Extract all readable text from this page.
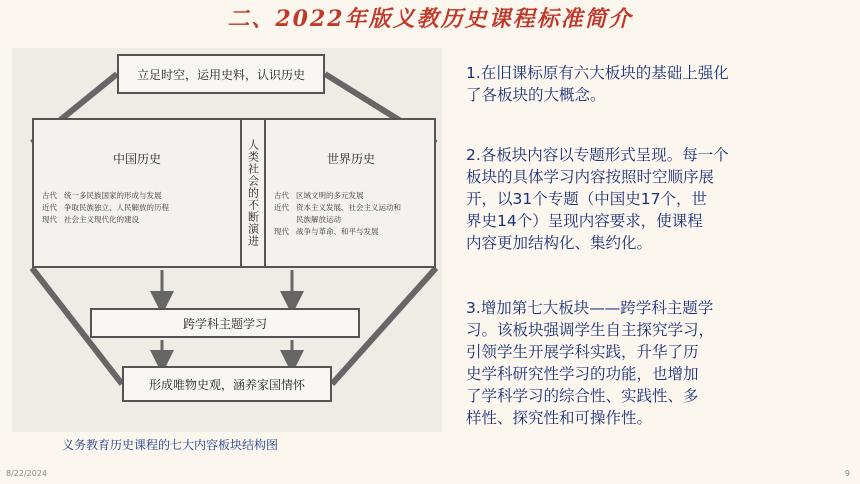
二、2022年版义教历史课程标准简介
立足时空，运用史料，认识历史
中国历史
古代 统一多民族国家的形成与发展
近代 争取民族独立、人民解放的历程
现代 社会主义现代化的建设	人类社会的不断演进	世界历史
古代 区域文明的多元发展
近代 资本主义发展、社会主义运动和
民族解放运动
现代 战争与革命、和平与发展
跨学科主题学习
形成唯物史观，涵养家国情怀
义务教育历史课程的七大内容板块结构图
1.在旧课标原有六大板块的基础上强化
了各板块的大概念。
2.各板块内容以专题形式呈现。每一个
板块的具体学习内容按照时空顺序展
开，以31个专题（中国史17个，世
界史14个）呈现内容要求，使课程
内容更加结构化、集约化。
3.增加第七大板块——跨学科主题学
习。该板块强调学生自主探究学习，
引领学生开展学科实践，升华了历
史学科研究性学习的功能，也增加
了学科学习的综合性、实践性、多
样性、探究性和可操作性。
8/22/2024	9
